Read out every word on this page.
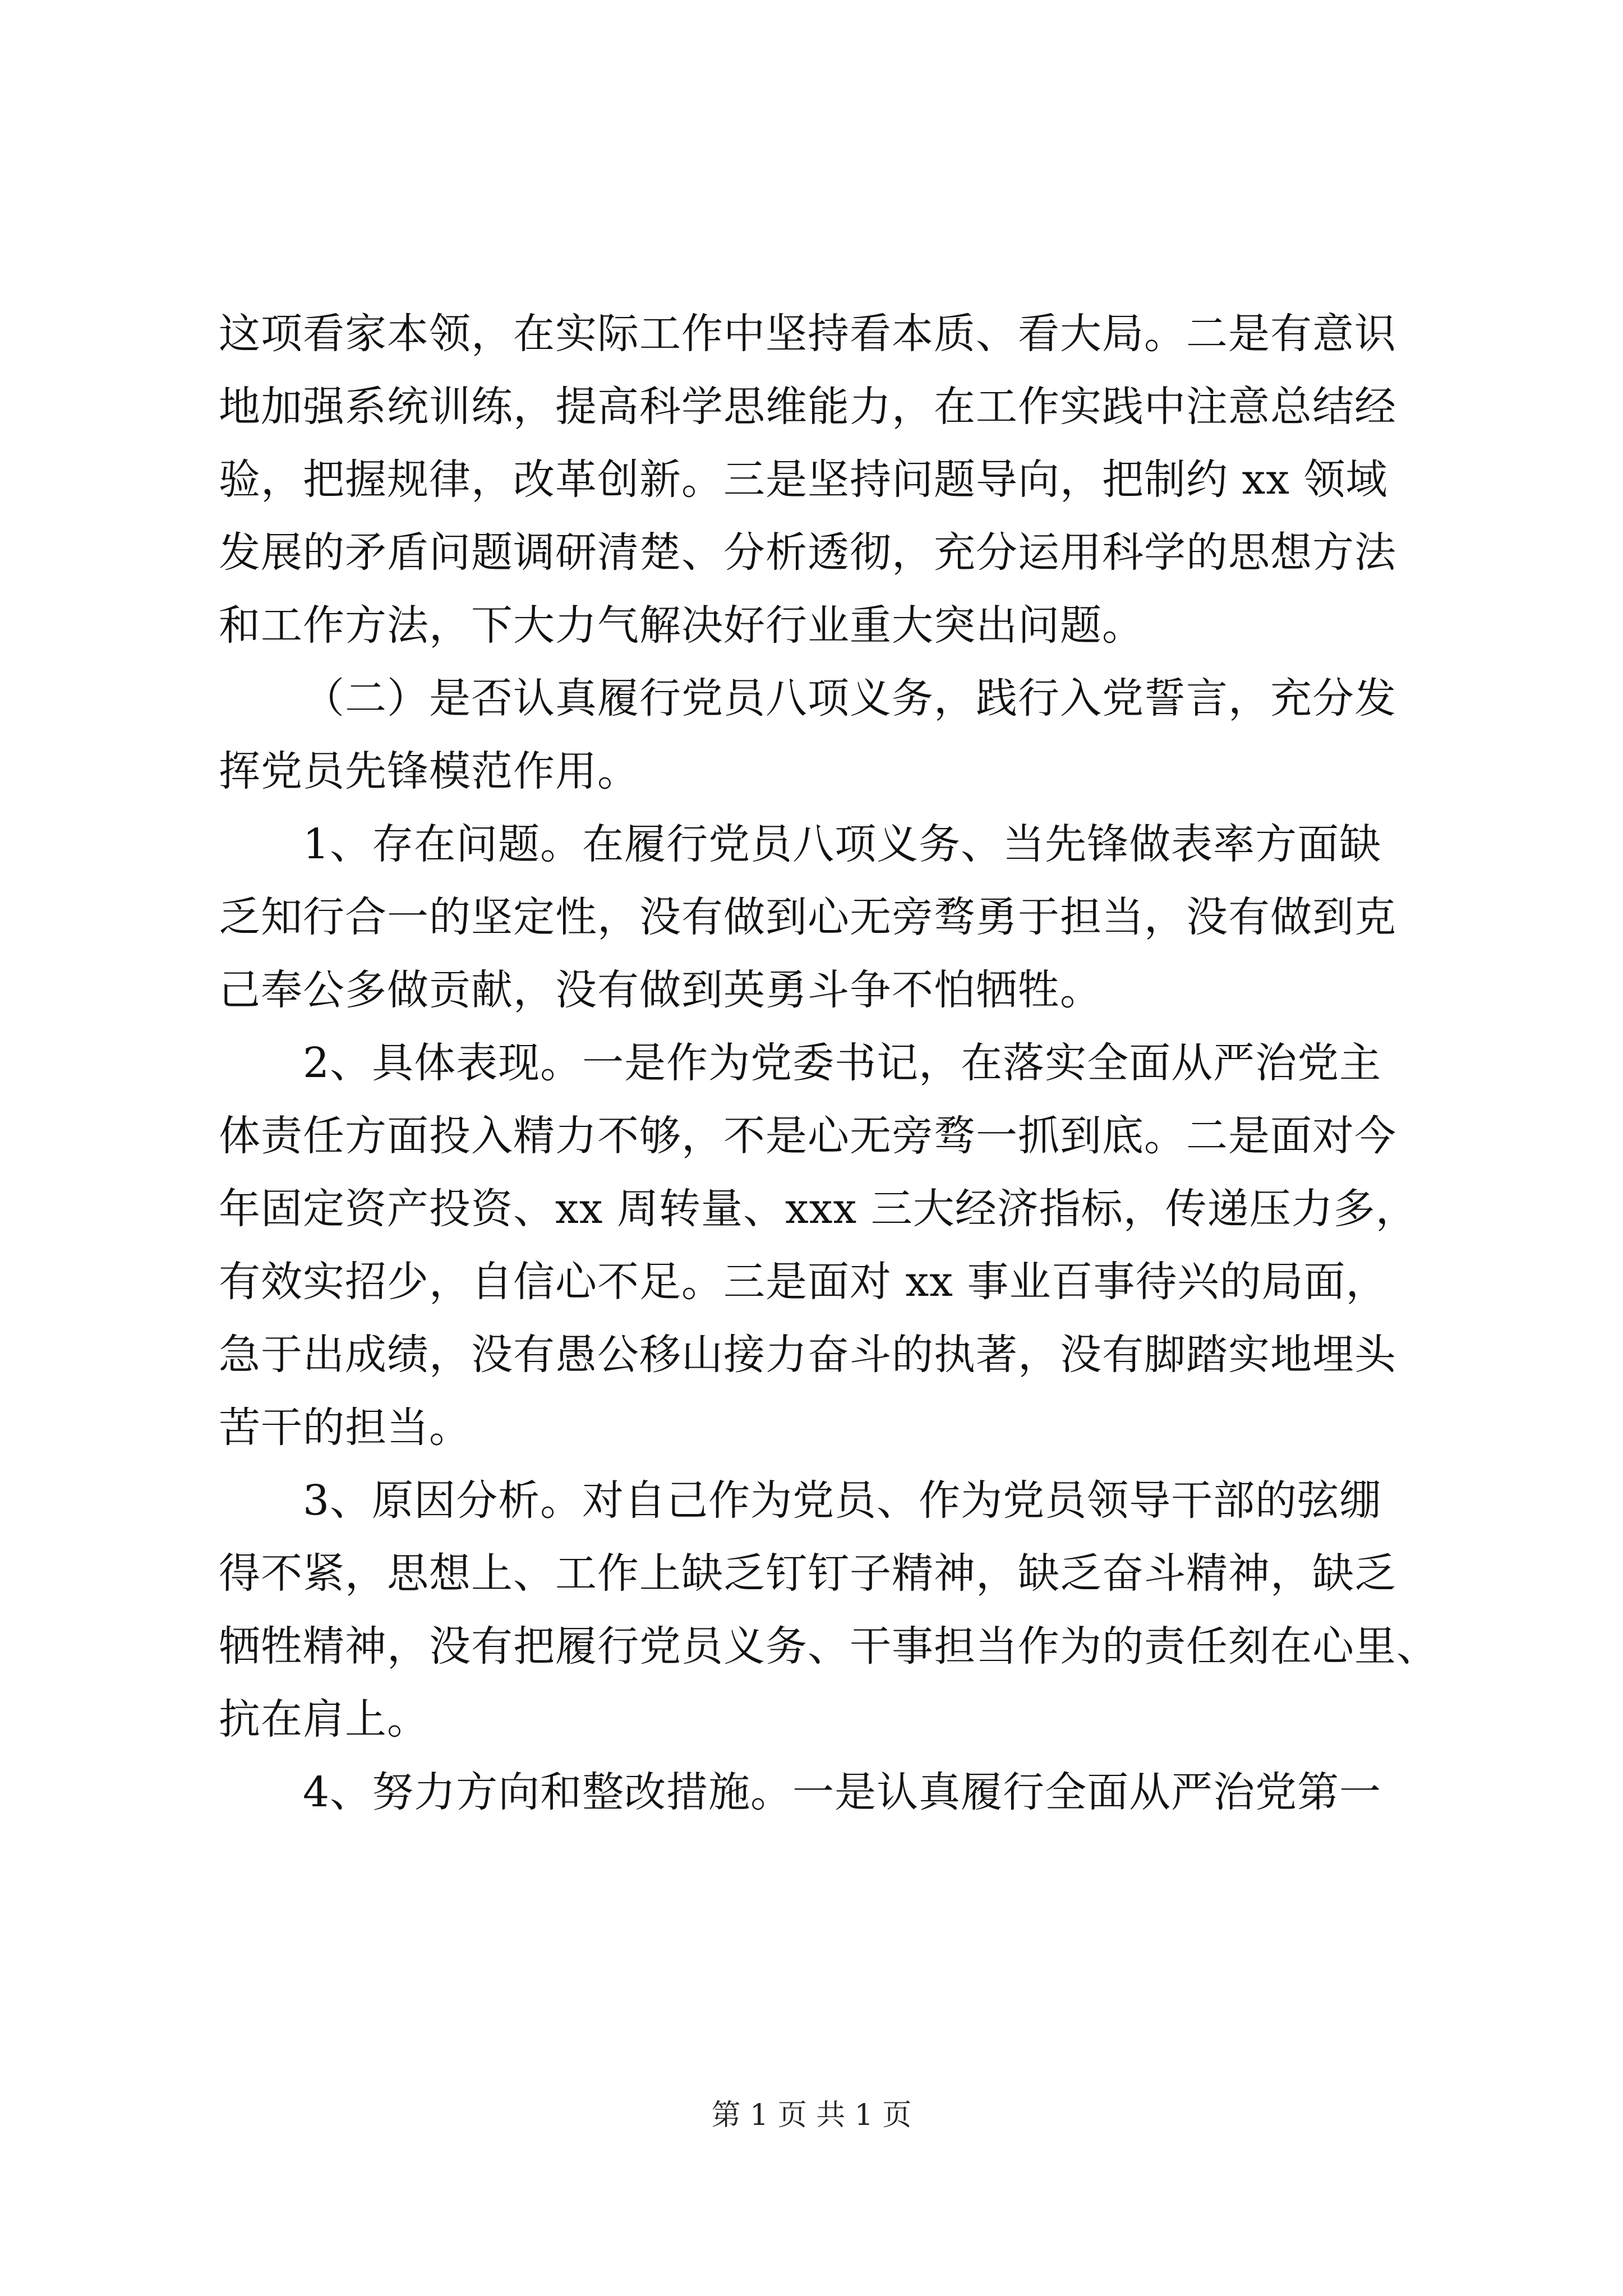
这项看家本领，在实际工作中坚持看本质、看大局。二是有意识
地加强系统训练，提高科学思维能力，在工作实践中注意总结经
验，把握规律，改革创新。三是坚持问题导向，把制约 xx 领域
发展的矛盾问题调研清楚、分析透彻，充分运用科学的思想方法
和工作方法，下大力气解决好行业重大突出问题。
（二）是否认真履行党员八项义务，践行入党誓言，充分发
挥党员先锋模范作用。
1、存在问题。在履行党员八项义务、当先锋做表率方面缺
乏知行合一的坚定性，没有做到心无旁骛勇于担当，没有做到克
己奉公多做贡献，没有做到英勇斗争不怕牺牲。
2、具体表现。一是作为党委书记，在落实全面从严治党主
体责任方面投入精力不够，不是心无旁骛一抓到底。二是面对今
年固定资产投资、xx 周转量、xxx 三大经济指标，传递压力多，
有效实招少，自信心不足。三是面对 xx 事业百事待兴的局面，
急于出成绩，没有愚公移山接力奋斗的执著，没有脚踏实地埋头
苦干的担当。
3、原因分析。对自己作为党员、作为党员领导干部的弦绷
得不紧，思想上、工作上缺乏钉钉子精神，缺乏奋斗精神，缺乏
牺牲精神，没有把履行党员义务、干事担当作为的责任刻在心里、
抗在肩上。
4、努力方向和整改措施。一是认真履行全面从严治党第一
第 1 页 共 1 页
